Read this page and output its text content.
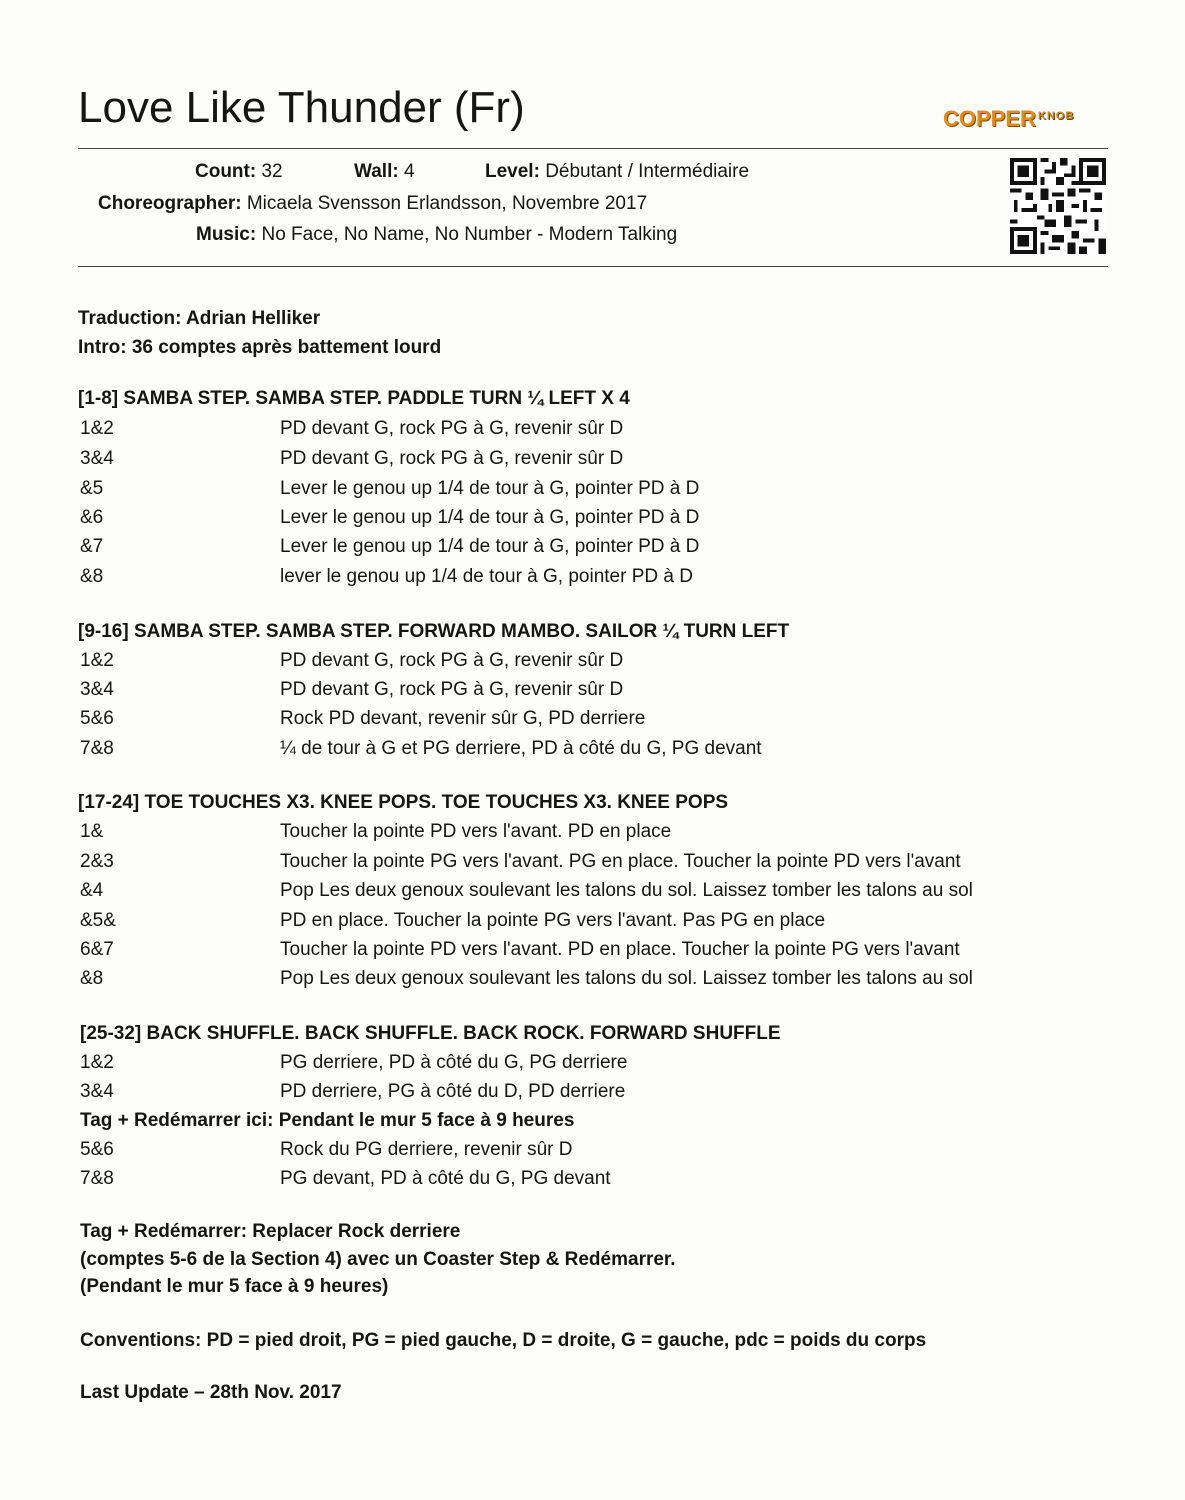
Love Like Thunder (Fr)	COPPER KNOB
Count: 32	Wall: 4	Level: Débutant / Intermédiaire
Choreographer: Micaela Svensson Erlandsson, Novembre 2017
Music: No Face, No Name, No Number - Modern Talking
Traduction: Adrian Helliker
Intro: 36 comptes après battement lourd
[1-8] SAMBA STEP. SAMBA STEP. PADDLE TURN ¼ LEFT X 4
1&2	PD devant G, rock PG à G, revenir sûr D
3&4	PD devant G, rock PG à G, revenir sûr D
&5	Lever le genou up 1/4 de tour à G, pointer PD à D
&6	Lever le genou up 1/4 de tour à G, pointer PD à D
&7	Lever le genou up 1/4 de tour à G, pointer PD à D
&8	lever le genou up 1/4 de tour à G, pointer PD à D
[9-16] SAMBA STEP. SAMBA STEP. FORWARD MAMBO. SAILOR ¼ TURN LEFT
1&2	PD devant G, rock PG à G, revenir sûr D
3&4	PD devant G, rock PG à G, revenir sûr D
5&6	Rock PD devant, revenir sûr G, PD derriere
7&8	¼ de tour à G et PG derriere, PD à côté du G, PG devant
[17-24] TOE TOUCHES X3. KNEE POPS. TOE TOUCHES X3. KNEE POPS
1&	Toucher la pointe PD vers l'avant. PD en place
2&3	Toucher la pointe PG vers l'avant. PG en place. Toucher la pointe PD vers l'avant
&4	Pop Les deux genoux soulevant les talons du sol. Laissez tomber les talons au sol
&5&	PD en place. Toucher la pointe PG vers l'avant. Pas PG en place
6&7	Toucher la pointe PD vers l'avant. PD en place. Toucher la pointe PG vers l'avant
&8	Pop Les deux genoux soulevant les talons du sol. Laissez tomber les talons au sol
[25-32] BACK SHUFFLE. BACK SHUFFLE. BACK ROCK. FORWARD SHUFFLE
1&2	PG derriere, PD à côté du G, PG derriere
3&4	PD derriere, PG à côté du D, PD derriere
Tag + Redémarrer ici: Pendant le mur 5 face à 9 heures
5&6	Rock du PG derriere, revenir sûr D
7&8	PG devant, PD à côté du G, PG devant
Tag + Redémarrer: Replacer Rock derriere
(comptes 5-6 de la Section 4) avec un Coaster Step & Redémarrer.
(Pendant le mur 5 face à 9 heures)
Conventions: PD = pied droit, PG = pied gauche, D = droite, G = gauche, pdc = poids du corps
Last Update – 28th Nov. 2017
